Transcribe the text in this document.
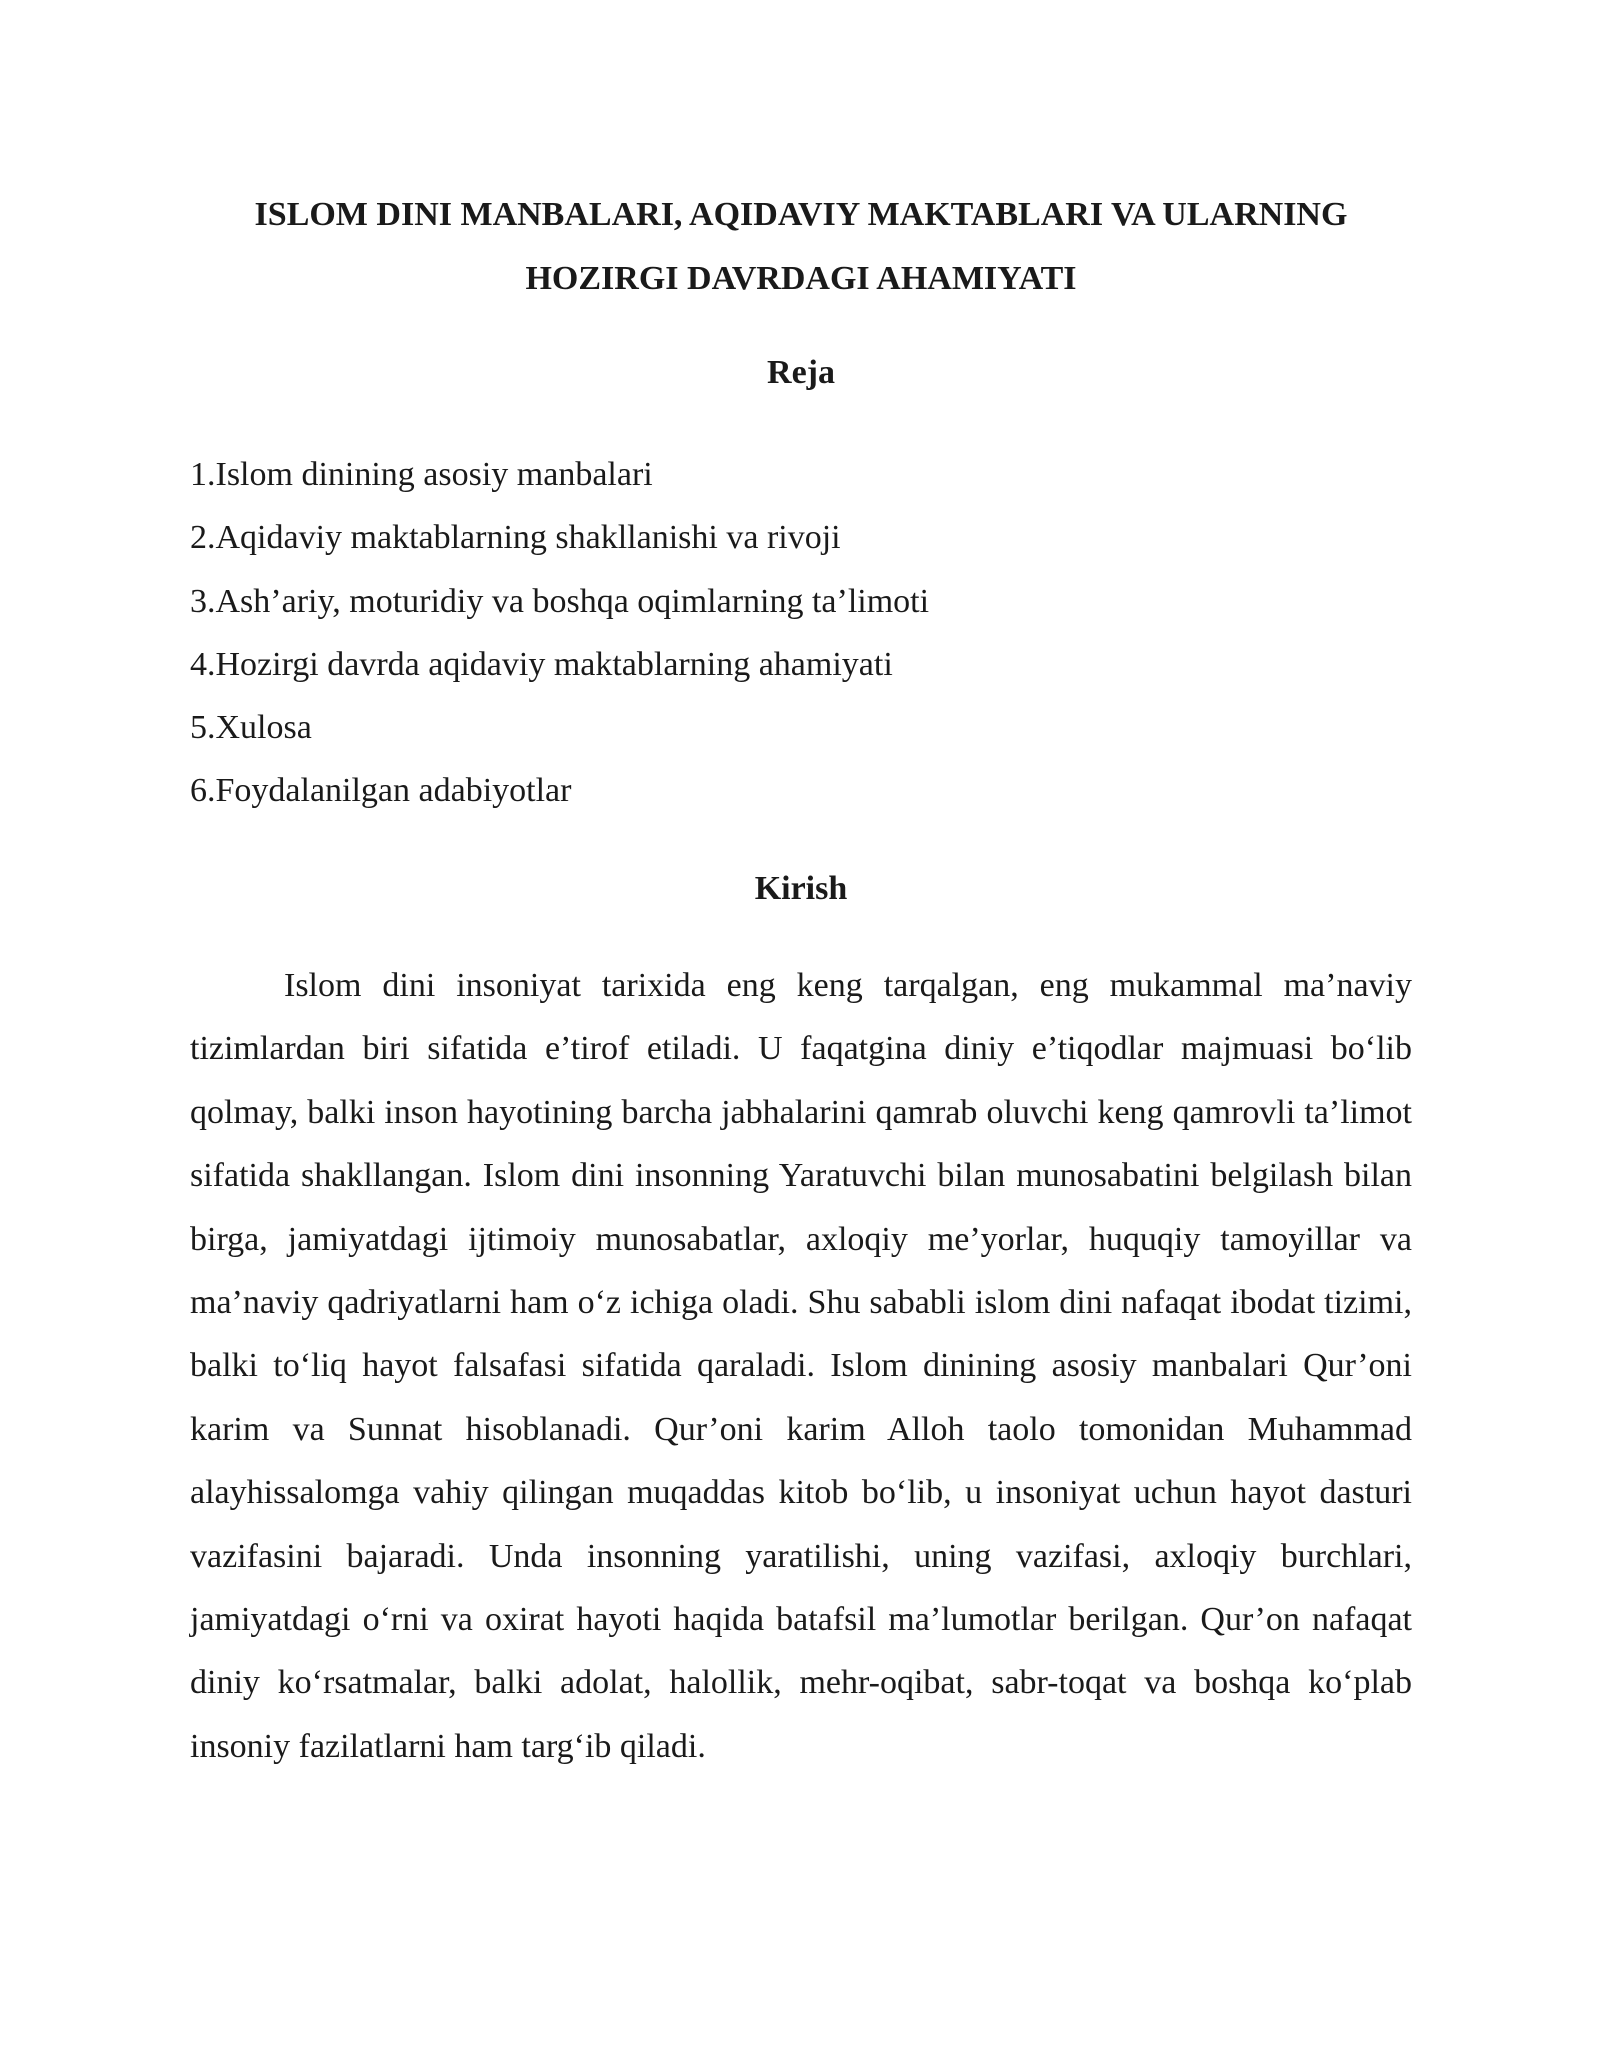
ISLOM DINI MANBALARI, AQIDAVIY MAKTABLARI VA ULARNING HOZIRGI DAVRDAGI AHAMIYATI
Reja
1.Islom dinining asosiy manbalari
2.Aqidaviy maktablarning shakllanishi va rivoji
3.Ash’ariy, moturidiy va boshqa oqimlarning ta’limoti
4.Hozirgi davrda aqidaviy maktablarning ahamiyati
5.Xulosa
6.Foydalanilgan adabiyotlar
Kirish

Islom dini insoniyat tarixida eng keng tarqalgan, eng mukammal ma’naviy tizimlardan biri sifatida e’tirof etiladi. U faqatgina diniy e’tiqodlar majmuasi bo‘lib qolmay, balki inson hayotining barcha jabhalarini qamrab oluvchi keng qamrovli ta’limot sifatida shakllangan. Islom dini insonning Yaratuvchi bilan munosabatini belgilash bilan birga, jamiyatdagi ijtimoiy munosabatlar, axloqiy me’yorlar, huquqiy tamoyillar va ma’naviy qadriyatlarni ham o‘z ichiga oladi. Shu sababli islom dini nafaqat ibodat tizimi, balki to‘liq hayot falsafasi sifatida qaraladi. Islom dinining asosiy manbalari Qur’oni karim va Sunnat hisoblanadi. Qur’oni karim Alloh taolo tomonidan Muhammad alayhissalomga vahiy qilingan muqaddas kitob bo‘lib, u insoniyat uchun hayot dasturi vazifasini bajaradi. Unda insonning yaratilishi, uning vazifasi, axloqiy burchlari, jamiyatdagi o‘rni va oxirat hayoti haqida batafsil ma’lumotlar berilgan. Qur’on nafaqat diniy ko‘rsatmalar, balki adolat, halollik, mehr-oqibat, sabr-toqat va boshqa ko‘plab insoniy fazilatlarni ham targ‘ib qiladi.
